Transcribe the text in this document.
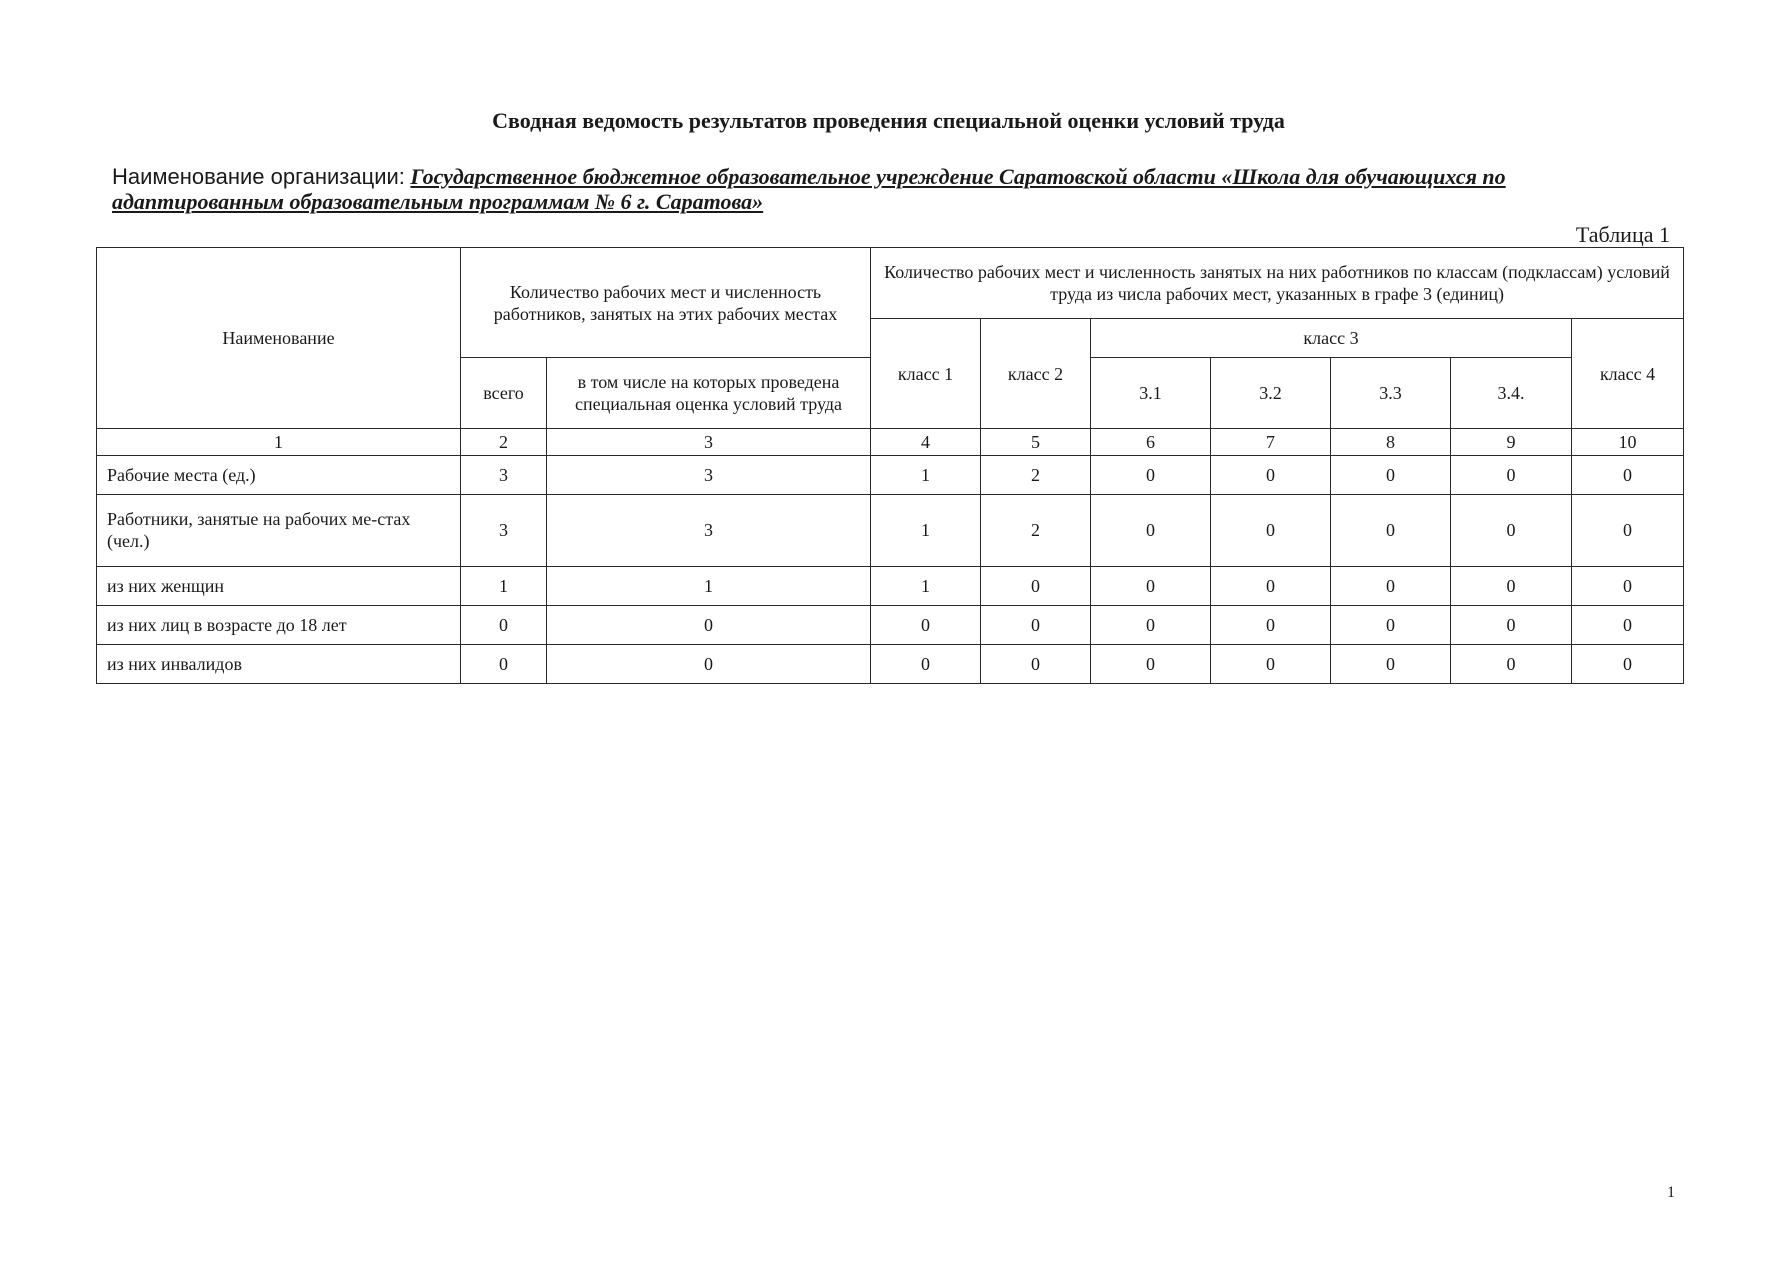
Сводная ведомость результатов проведения специальной оценки условий труда
Наименование организации: Государственное бюджетное образовательное учреждение Саратовской области «Школа для обучающихся по адаптированным образовательным программам № 6 г. Саратова»
Таблица 1
Наименование	Количество рабочих мест и численность работников, занятых на этих рабочих местах		Количество рабочих мест и численность занятых на них работников по классам (подклассам) условий труда из числа рабочих мест, указанных в графе 3 (единиц)						
			класс 1	класс 2	класс 3				класс 4
	всего	в том числе на которых проведена специальная оценка условий труда			3.1	3.2	3.3	3.4.	
1	2	3	4	5	6	7	8	9	10
Рабочие места (ед.)	3	3	1	2	0	0	0	0	0
Работники, занятые на рабочих ме-стах (чел.)	3	3	1	2	0	0	0	0	0
из них женщин	1	1	1	0	0	0	0	0	0
из них лиц в возрасте до 18 лет	0	0	0	0	0	0	0	0	0
из них инвалидов	0	0	0	0	0	0	0	0	0
1
